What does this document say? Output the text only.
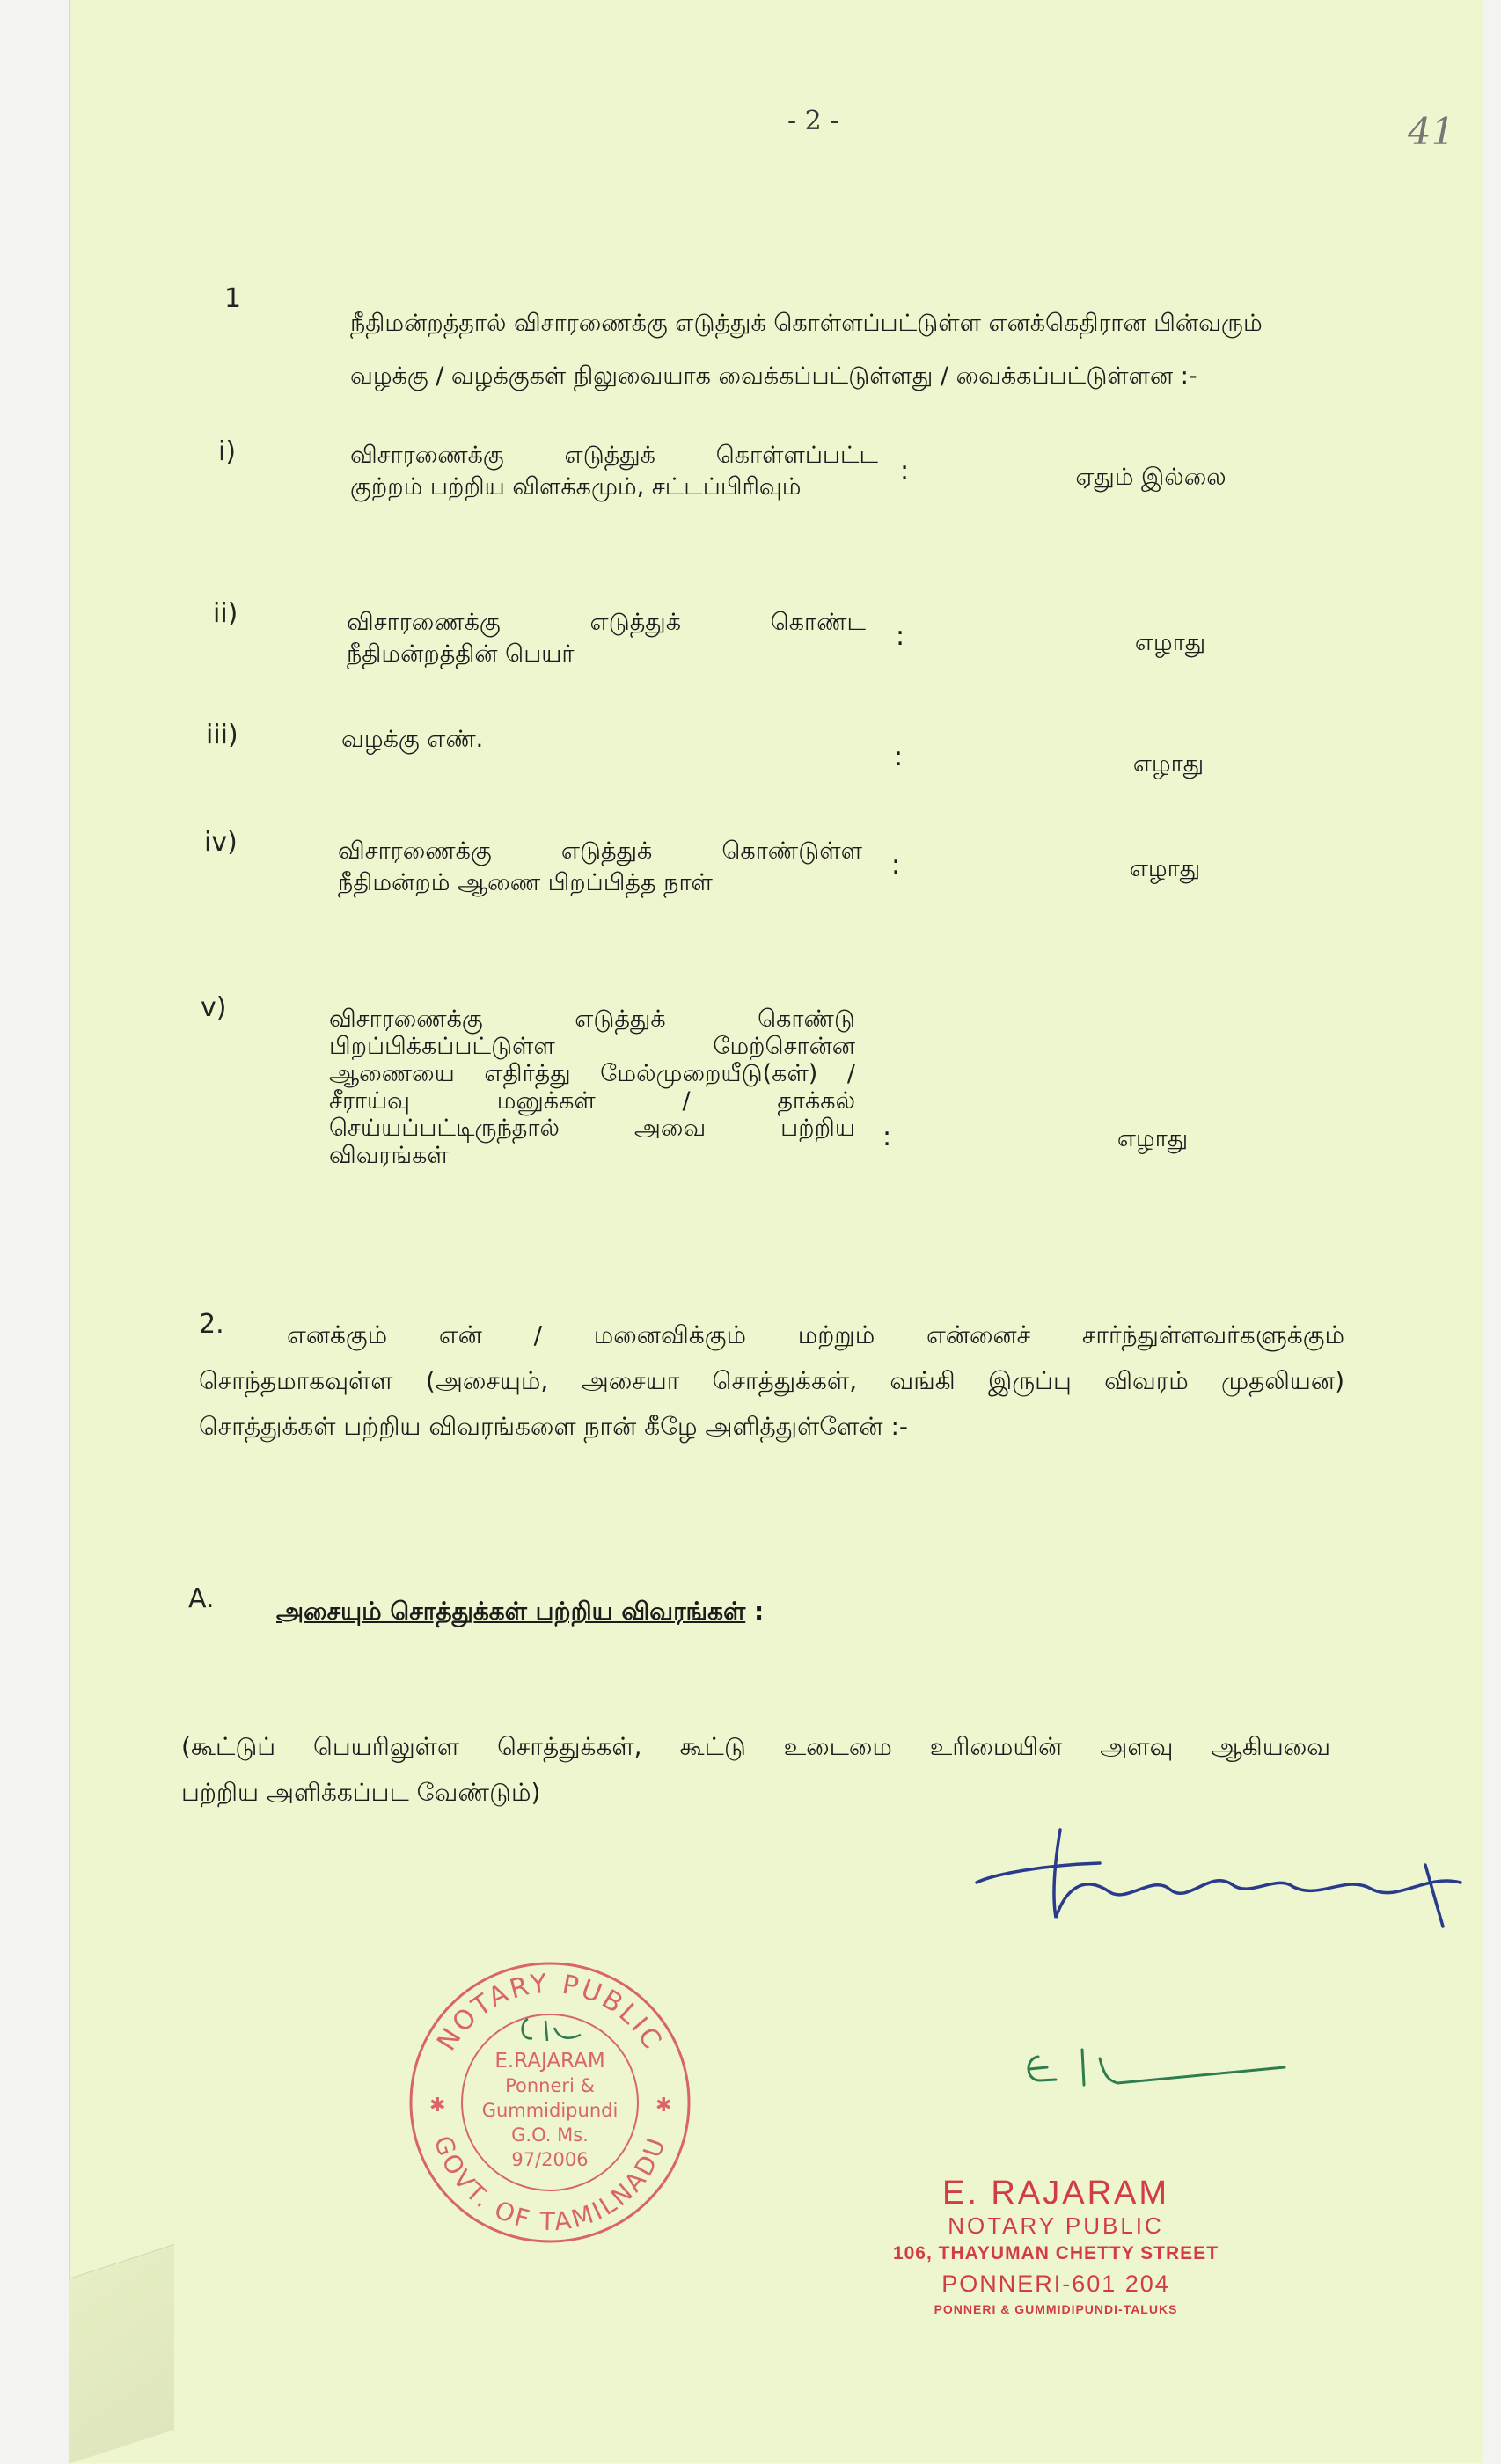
- 2 -	41
1
நீதிமன்றத்தால் விசாரணைக்கு எடுத்துக் கொள்ளப்பட்டுள்ள எனக்கெதிரான பின்வரும்
வழக்கு / வழக்குகள் நிலுவையாக வைக்கப்பட்டுள்ளது / வைக்கப்பட்டுள்ளன :-
i)	விசாரணைக்கு எடுத்துக் கொள்ளப்பட்ட
குற்றம் பற்றிய விளக்கமும், சட்டப்பிரிவும்
:	ஏதும் இல்லை
ii)	விசாரணைக்கு எடுத்துக் கொண்ட
நீதிமன்றத்தின் பெயர்
:	எழாது
iii)	வழக்கு எண்.
:	எழாது
iv)	விசாரணைக்கு எடுத்துக் கொண்டுள்ள
நீதிமன்றம் ஆணை பிறப்பித்த நாள்
:	எழாது
v)	விசாரணைக்கு எடுத்துக் கொண்டு
பிறப்பிக்கப்பட்டுள்ள மேற்சொன்ன
ஆணையை எதிர்த்து மேல்முறையீடு(கள்) /
சீராய்வு மனுக்கள் / தாக்கல்
செய்யப்பட்டிருந்தால் அவை பற்றிய
விவரங்கள்
:	எழாது
2.	எனக்கும் என் / மனைவிக்கும் மற்றும் என்னைச் சார்ந்துள்ளவர்களுக்கும்
சொந்தமாகவுள்ள (அசையும், அசையா சொத்துக்கள், வங்கி இருப்பு விவரம் முதலியன)
சொத்துக்கள் பற்றிய விவரங்களை நான் கீழே அளித்துள்ளேன் :-
A.	அசையும் சொத்துக்கள் பற்றிய விவரங்கள் :
(கூட்டுப் பெயரிலுள்ள சொத்துக்கள், கூட்டு உடைமை உரிமையின் அளவு ஆகியவை
பற்றிய அளிக்கப்பட வேண்டும்)
NOTARY PUBLIC
GOVT. OF TAMILNADU
✱	✱
E.RAJARAM
Ponneri &
Gummidipundi
G.O. Ms.
97/2006
E. RAJARAM
NOTARY PUBLIC
106, THAYUMAN CHETTY STREET
PONNERI-601 204
PONNERI & GUMMIDIPUNDI-TALUKS
